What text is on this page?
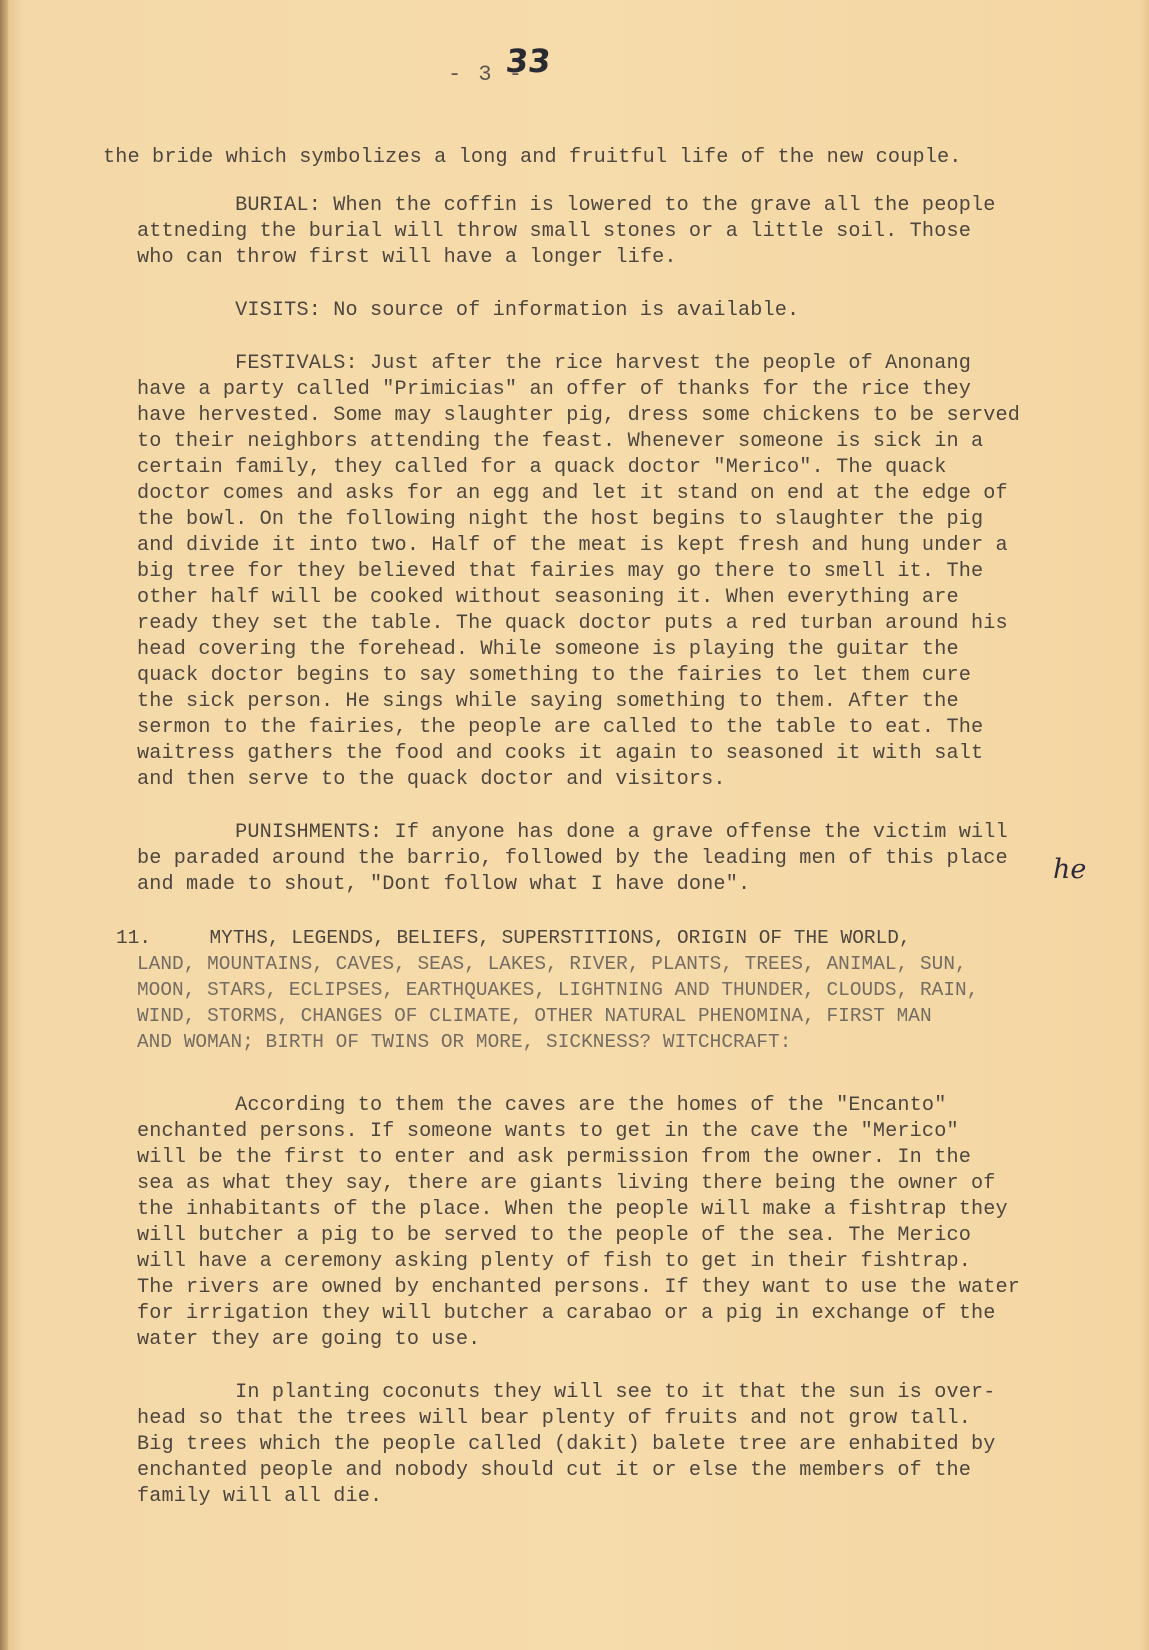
- 3 -
33
the bride which symbolizes a long and fruitful life of the new couple.
BURIAL: When the coffin is lowered to the grave all the people
attneding the burial will throw small stones or a little soil. Those
who can throw first will have a longer life.
VISITS: No source of information is available.
FESTIVALS: Just after the rice harvest the people of Anonang
have a party called "Primicias" an offer of thanks for the rice they
have hervested. Some may slaughter pig, dress some chickens to be served
to their neighbors attending the feast. Whenever someone is sick in a
certain family, they called for a quack doctor "Merico". The quack
doctor comes and asks for an egg and let it stand on end at the edge of
the bowl. On the following night the host begins to slaughter the pig
and divide it into two. Half of the meat is kept fresh and hung under a
big tree for they believed that fairies may go there to smell it. The
other half will be cooked without seasoning it. When everything are
ready they set the table. The quack doctor puts a red turban around his
head covering the forehead. While someone is playing the guitar the
quack doctor begins to say something to the fairies to let them cure
the sick person. He sings while saying something to them. After the
sermon to the fairies, the people are called to the table to eat. The
waitress gathers the food and cooks it again to seasoned it with salt
and then serve to the quack doctor and visitors.
PUNISHMENTS: If anyone has done a grave offense the victim will
be paraded around the barrio, followed by the leading men of this place he
and made to shout, "Dont follow what I have done".
11.     MYTHS, LEGENDS, BELIEFS, SUPERSTITIONS, ORIGIN OF THE WORLD,
LAND, MOUNTAINS, CAVES, SEAS, LAKES, RIVER, PLANTS, TREES, ANIMAL, SUN,
MOON, STARS, ECLIPSES, EARTHQUAKES, LIGHTNING AND THUNDER, CLOUDS, RAIN,
WIND, STORMS, CHANGES OF CLIMATE, OTHER NATURAL PHENOMINA, FIRST MAN
AND WOMAN; BIRTH OF TWINS OR MORE, SICKNESS? WITCHCRAFT:
According to them the caves are the homes of the "Encanto"
enchanted persons. If someone wants to get in the cave the "Merico"
will be the first to enter and ask permission from the owner. In the
sea as what they say, there are giants living there being the owner of
the inhabitants of the place. When the people will make a fishtrap they
will butcher a pig to be served to the people of the sea. The Merico
will have a ceremony asking plenty of fish to get in their fishtrap.
The rivers are owned by enchanted persons. If they want to use the water
for irrigation they will butcher a carabao or a pig in exchange of the
water they are going to use.
In planting coconuts they will see to it that the sun is over-
head so that the trees will bear plenty of fruits and not grow tall.
Big trees which the people called (dakit) balete tree are enhabited by
enchanted people and nobody should cut it or else the members of the
family will all die.
